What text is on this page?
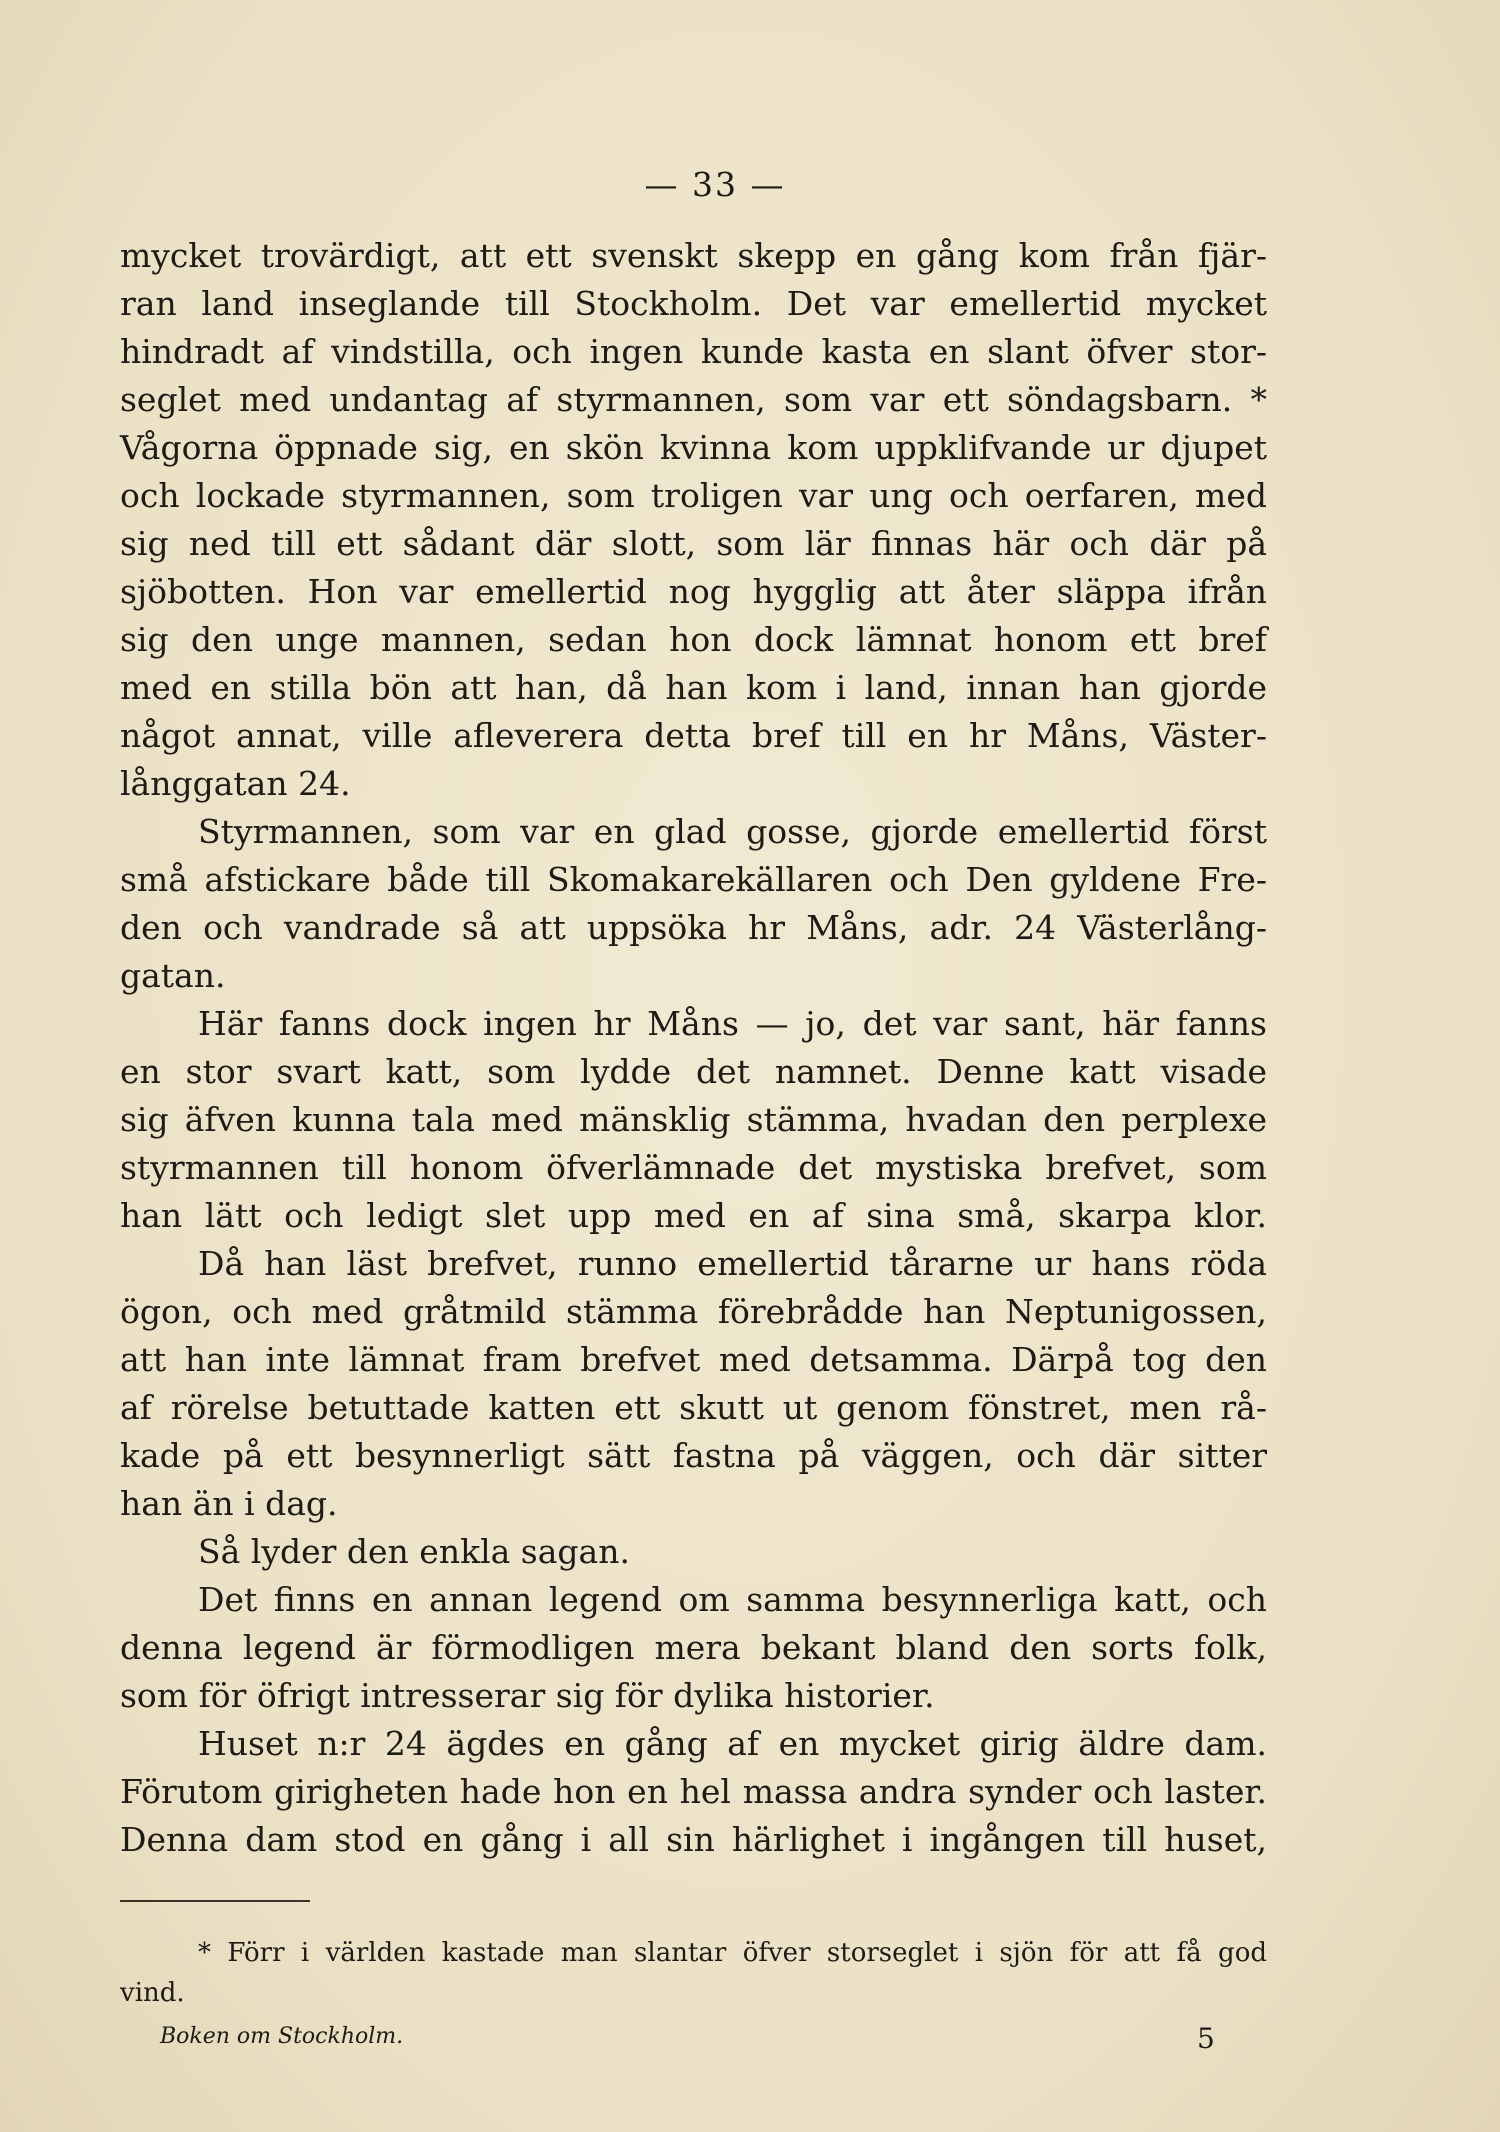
— 33 —
mycket trovärdigt, att ett svenskt skepp en gång kom från fjär-
ran land inseglande till Stockholm. Det var emellertid mycket
hindradt af vindstilla, och ingen kunde kasta en slant öfver stor-
seglet med undantag af styrmannen, som var ett söndagsbarn. *
Vågorna öppnade sig, en skön kvinna kom uppklifvande ur djupet
och lockade styrmannen, som troligen var ung och oerfaren, med
sig ned till ett sådant där slott, som lär finnas här och där på
sjöbotten. Hon var emellertid nog hygglig att åter släppa ifrån
sig den unge mannen, sedan hon dock lämnat honom ett bref
med en stilla bön att han, då han kom i land, innan han gjorde
något annat, ville afleverera detta bref till en hr Måns, Väster-
långgatan 24.
Styrmannen, som var en glad gosse, gjorde emellertid först
små afstickare både till Skomakarekällaren och Den gyldene Fre-
den och vandrade så att uppsöka hr Måns, adr. 24 Västerlång-
gatan.
Här fanns dock ingen hr Måns — jo, det var sant, här fanns
en stor svart katt, som lydde det namnet. Denne katt visade
sig äfven kunna tala med mänsklig stämma, hvadan den perplexe
styrmannen till honom öfverlämnade det mystiska brefvet, som
han lätt och ledigt slet upp med en af sina små, skarpa klor.
Då han läst brefvet, runno emellertid tårarne ur hans röda
ögon, och med gråtmild stämma förebrådde han Neptunigossen,
att han inte lämnat fram brefvet med detsamma. Därpå tog den
af rörelse betuttade katten ett skutt ut genom fönstret, men rå-
kade på ett besynnerligt sätt fastna på väggen, och där sitter
han än i dag.
Så lyder den enkla sagan.
Det finns en annan legend om samma besynnerliga katt, och
denna legend är förmodligen mera bekant bland den sorts folk,
som för öfrigt intresserar sig för dylika historier.
Huset n:r 24 ägdes en gång af en mycket girig äldre dam.
Förutom girigheten hade hon en hel massa andra synder och laster.
Denna dam stod en gång i all sin härlighet i ingången till huset,
* Förr i världen kastade man slantar öfver storseglet i sjön för att få god
vind.
Boken om Stockholm.	5
